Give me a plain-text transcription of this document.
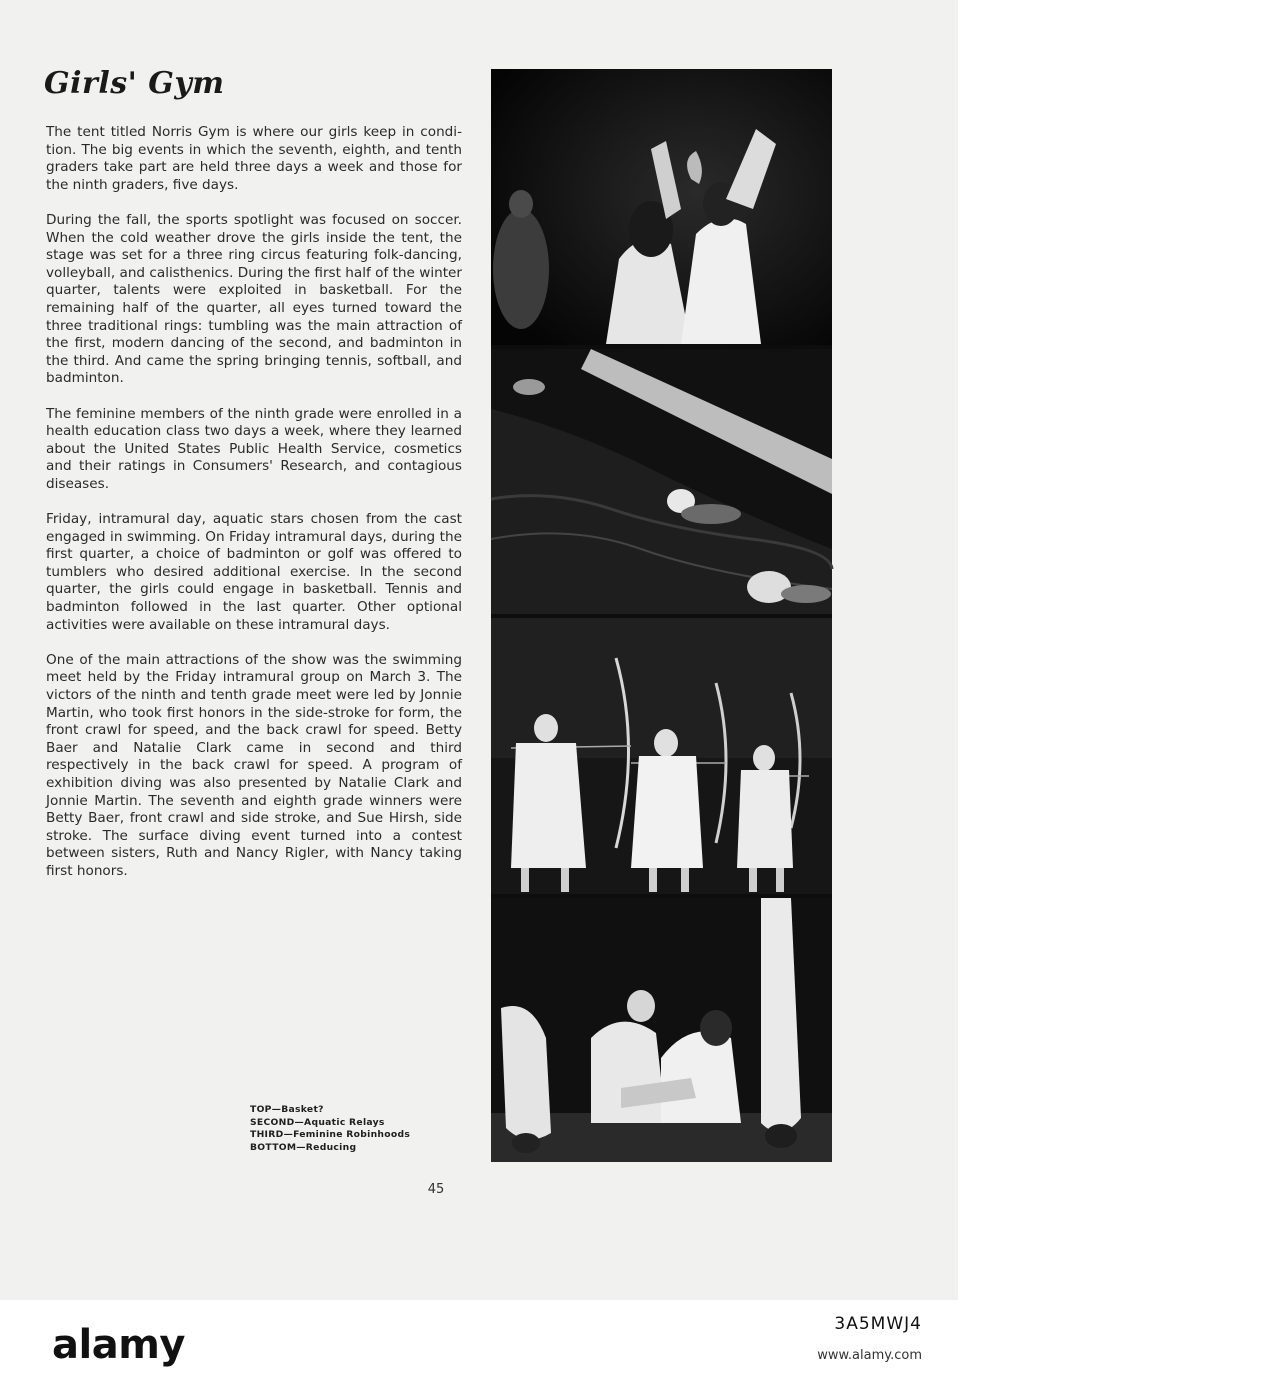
Girls' Gym

The tent titled Norris Gym is where our girls keep in condition. The big events in which the seventh, eighth, and tenth graders take part are held three days a week and those for the ninth graders, five days.

During the fall, the sports spotlight was focused on soccer. When the cold weather drove the girls inside the tent, the stage was set for a three ring circus featuring folk-dancing, volleyball, and calisthenics. During the first half of the winter quarter, talents were exploited in basketball. For the remaining half of the quarter, all eyes turned toward the three traditional rings: tumbling was the main attraction of the first, modern dancing of the second, and badminton in the third. And came the spring bringing tennis, softball, and badminton.

The feminine members of the ninth grade were enrolled in a health education class two days a week, where they learned about the United States Public Health Service, cosmetics and their ratings in Consumers' Research, and contagious diseases.

Friday, intramural day, aquatic stars chosen from the cast engaged in swimming. On Friday intramural days, during the first quarter, a choice of badminton or golf was offered to tumblers who desired additional exercise. In the second quarter, the girls could engage in basketball. Tennis and badminton followed in the last quarter. Other optional activities were available on these intramural days.

One of the main attractions of the show was the swimming meet held by the Friday intramural group on March 3. The victors of the ninth and tenth grade meet were led by Jonnie Martin, who took first honors in the side-stroke for form, the front crawl for speed, and the back crawl for speed. Betty Baer and Natalie Clark came in second and third respectively in the back crawl for speed. A program of exhibition diving was also presented by Natalie Clark and Jonnie Martin. The seventh and eighth grade winners were Betty Baer, front crawl and side stroke, and Sue Hirsh, side stroke. The surface diving event turned into a contest between sisters, Ruth and Nancy Rigler, with Nancy taking first honors.

alamy
TOP—Basket?
SECOND—Aquatic Relays
THIRD—Feminine Robinhoods
BOTTOM—Reducing
45
alamy	3A5MWJ4
www.alamy.com
